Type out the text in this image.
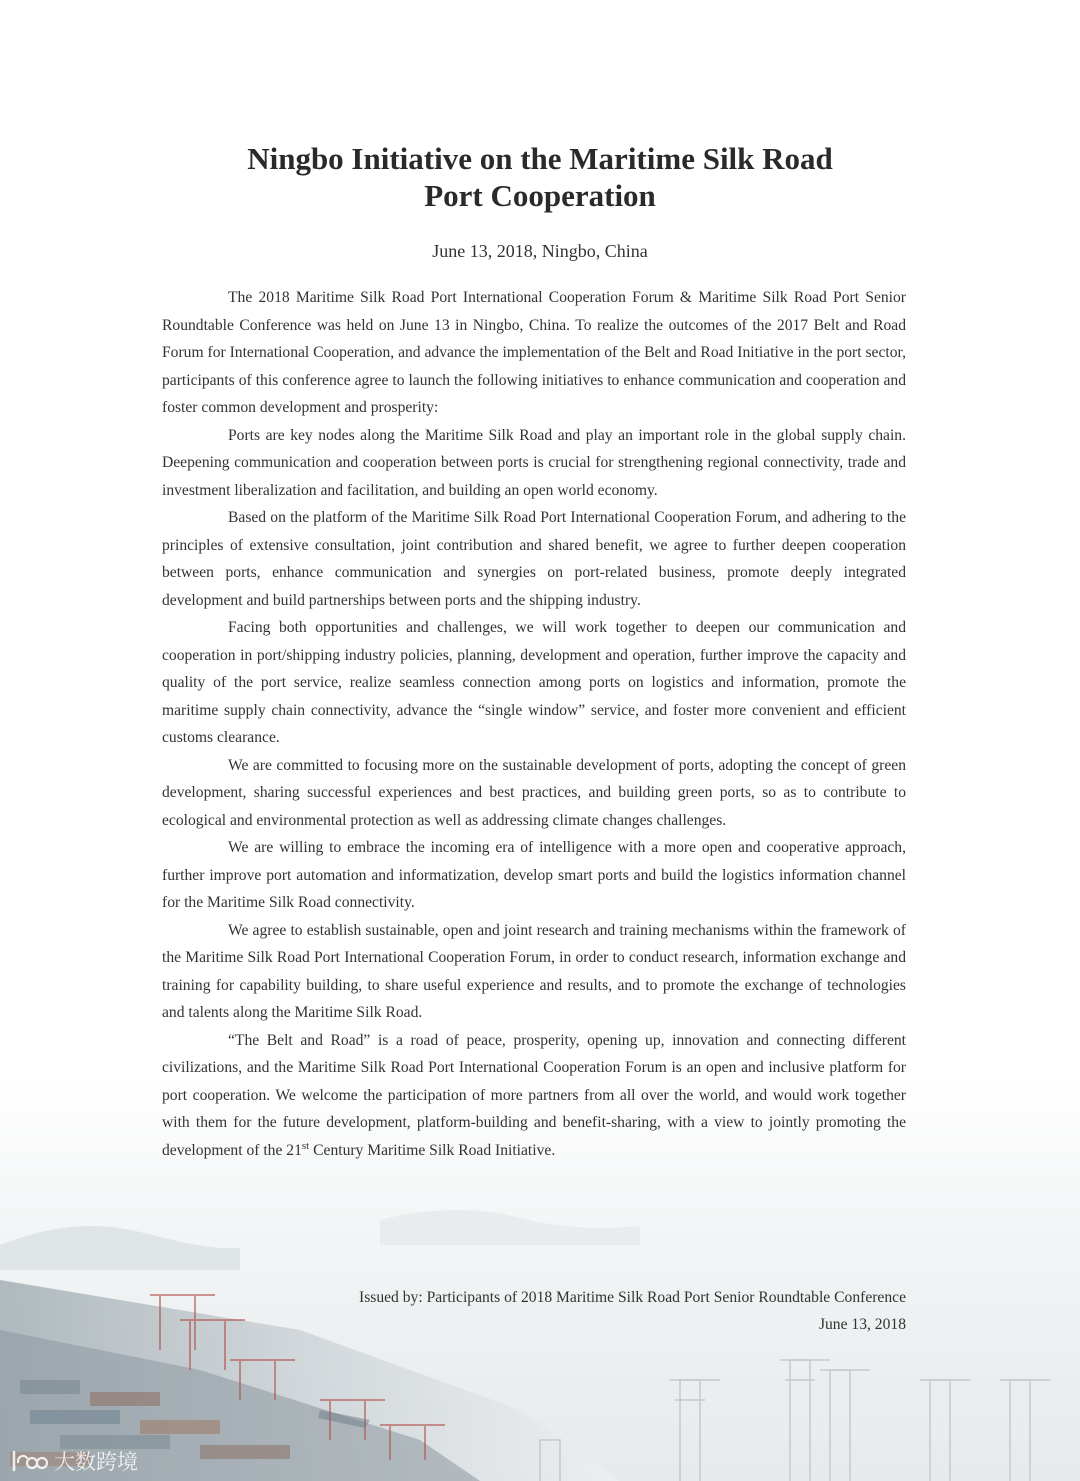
Ningbo Initiative on the Maritime Silk Road
Port Cooperation
June 13, 2018, Ningbo, China

The 2018 Maritime Silk Road Port International Cooperation Forum & Maritime Silk Road Port Senior Roundtable Conference was held on June 13 in Ningbo, China. To realize the outcomes of the 2017 Belt and Road Forum for International Cooperation, and advance the implementation of the Belt and Road Initiative in the port sector, participants of this conference agree to launch the following initiatives to enhance communication and cooperation and foster common development and prosperity:

Ports are key nodes along the Maritime Silk Road and play an important role in the global supply chain. Deepening communication and cooperation between ports is crucial for strengthening regional connectivity, trade and investment liberalization and facilitation, and building an open world economy.

Based on the platform of the Maritime Silk Road Port International Cooperation Forum, and adhering to the principles of extensive consultation, joint contribution and shared benefit, we agree to further deepen cooperation between ports, enhance communication and synergies on port-related business, promote deeply integrated development and build partnerships between ports and the shipping industry.

Facing both opportunities and challenges, we will work together to deepen our communication and cooperation in port/shipping industry policies, planning, development and operation, further improve the capacity and quality of the port service, realize seamless connection among ports on logistics and information, promote the maritime supply chain connectivity, advance the “single window” service, and foster more convenient and efficient customs clearance.

We are committed to focusing more on the sustainable development of ports, adopting the concept of green development, sharing successful experiences and best practices, and building green ports, so as to contribute to ecological and environmental protection as well as addressing climate changes challenges.

We are willing to embrace the incoming era of intelligence with a more open and cooperative approach, further improve port automation and informatization, develop smart ports and build the logistics information channel for the Maritime Silk Road connectivity.

We agree to establish sustainable, open and joint research and training mechanisms within the framework of the Maritime Silk Road Port International Cooperation Forum, in order to conduct research, information exchange and training for capability building, to share useful experience and results, and to promote the exchange of technologies and talents along the Maritime Silk Road.

“The Belt and Road” is a road of peace, prosperity, opening up, innovation and connecting different civilizations, and the Maritime Silk Road Port International Cooperation Forum is an open and inclusive platform for port cooperation. We welcome the participation of more partners from all over the world, and would work together with them for the future development, platform-building and benefit-sharing, with a view to jointly promoting the development of the 21st Century Maritime Silk Road Initiative.

Issued by: Participants of 2018 Maritime Silk Road Port Senior Roundtable Conference
June 13, 2018
大数跨境
